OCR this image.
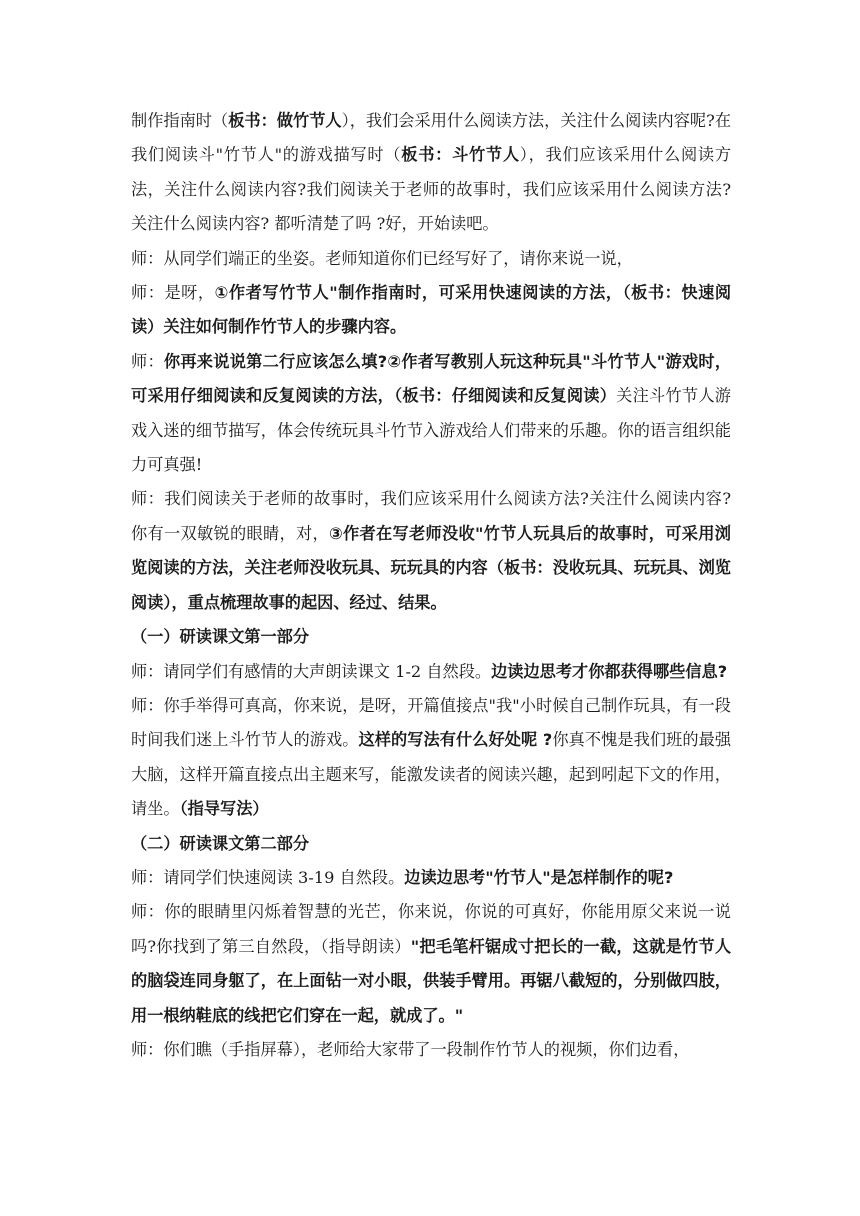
制作指南时（板书：做竹节人），我们会采用什么阅读方法，关注什么阅读内容呢?在我们阅读斗"竹节人"的游戏描写时（板书：斗竹节人），我们应该采用什么阅读方法，关注什么阅读内容?我们阅读关于老师的故事时，我们应该采用什么阅读方法?关注什么阅读内容? 都听清楚了吗 ?好，开始读吧。

师：从同学们端正的坐姿。老师知道你们已经写好了，请你来说一说，

师：是呀，①作者写竹节人"制作指南时，可采用快速阅读的方法，（板书：快速阅读）关注如何制作竹节人的步骤内容。

师：你再来说说第二行应该怎么填?②作者写教别人玩这种玩具"斗竹节人"游戏时，可采用仔细阅读和反复阅读的方法，（板书：仔细阅读和反复阅读）关注斗竹节人游戏入迷的细节描写，体会传统玩具斗竹节入游戏给人们带来的乐趣。你的语言组织能力可真强!

师：我们阅读关于老师的故事时，我们应该采用什么阅读方法?关注什么阅读内容?你有一双敏锐的眼睛，对，③作者在写老师没收"竹节人玩具后的故事时，可采用浏览阅读的方法，关注老师没收玩具、玩玩具的内容（板书：没收玩具、玩玩具、浏览阅读），重点梳理故事的起因、经过、结果。

（一）研读课文第一部分

师：请同学们有感情的大声朗读课文 1-2 自然段。边读边思考才你都获得哪些信息?

师：你手举得可真高，你来说，是呀，开篇值接点"我"小时候自己制作玩具，有一段时间我们迷上斗竹节人的游戏。这样的写法有什么好处呢 ?你真不愧是我们班的最强大脑，这样开篇直接点出主题来写，能激发读者的阅读兴趣，起到吲起下文的作用，请坐。（指导写法）

（二）研读课文第二部分

师：请同学们快速阅读 3-19 自然段。边读边思考"竹节人"是怎样制作的呢?

师：你的眼睛里闪烁着智慧的光芒，你来说，你说的可真好，你能用原父来说一说吗?你找到了第三自然段，（指导朗读）"把毛笔杆锯成寸把长的一截，这就是竹节人的脑袋连同身躯了，在上面钻一对小眼，供装手臂用。再锯八截短的，分别做四肢，用一根纳鞋底的线把它们穿在一起，就成了。"

师：你们瞧（手指屏幕），老师给大家带了一段制作竹节人的视频，你们边看，
